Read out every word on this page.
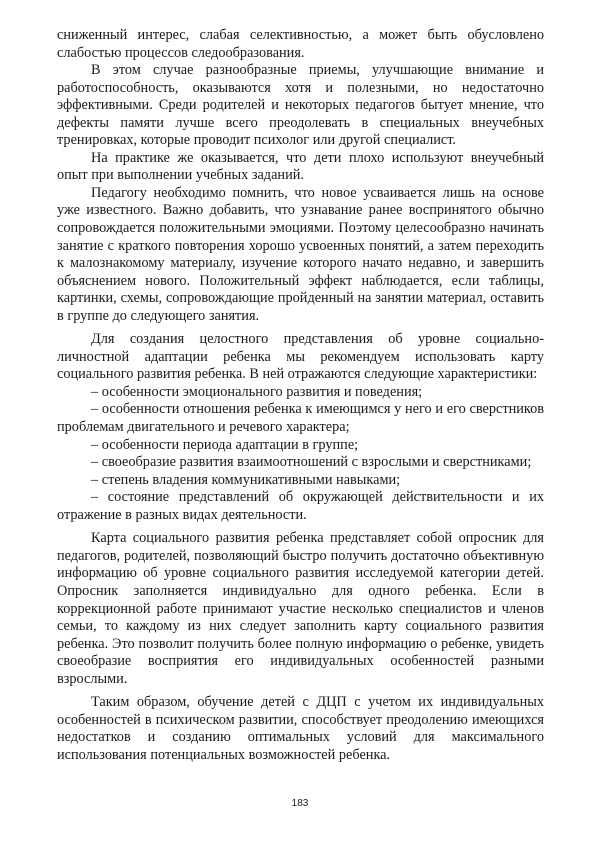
сниженный интерес, слабая селективностью, а может быть обусловлено слабостью процессов следообразования.

В этом случае разнообразные приемы, улучшающие внимание и работоспособность, оказываются хотя и полезными, но недостаточно эффективными. Среди родителей и некоторых педагогов бытует мнение, что дефекты памяти лучше всего преодолевать в специальных внеучебных тренировках, которые проводит психолог или другой специалист.

На практике же оказывается, что дети плохо используют внеучебный опыт при выполнении учебных заданий.

Педагогу необходимо помнить, что новое усваивается лишь на основе уже известного. Важно добавить, что узнавание ранее воспринятого обычно сопровождается положительными эмоциями. Поэтому целесообразно начинать занятие с краткого повторения хорошо усвоенных понятий, а затем переходить к малознакомому материалу, изучение которого начато недавно, и завершить объяснением нового. Положительный эффект наблюдается, если таблицы, картинки, схемы, сопровождающие пройденный на занятии материал, оставить в группе до следующего занятия.

Для создания целостного представления об уровне социально-личностной адаптации ребенка мы рекомендуем использовать карту социального развития ребенка. В ней отражаются следующие характеристики:

– особенности эмоционального развития и поведения;

– особенности отношения ребенка к имеющимся у него и его сверстников проблемам двигательного и речевого характера;

– особенности периода адаптации в группе;

– своеобразие развития взаимоотношений с взрослыми и сверстниками;

– степень владения коммуникативными навыками;

– состояние представлений об окружающей действительности и их отражение в разных видах деятельности.

Карта социального развития ребенка представляет собой опросник для педагогов, родителей, позволяющий быстро получить достаточно объективную информацию об уровне социального развития исследуемой категории детей. Опросник заполняется индивидуально для одного ребенка. Если в коррекционной работе принимают участие несколько специалистов и членов семьи, то каждому из них следует заполнить карту социального развития ребенка. Это позволит получить более полную информацию о ребенке, увидеть своеобразие восприятия его индивидуальных особенностей разными взрослыми.

Таким образом, обучение детей с ДЦП с учетом их индивидуальных особенностей в психическом развитии, способствует преодолению имеющихся недостатков и созданию оптимальных условий для максимального использования потенциальных возможностей ребенка.

183
